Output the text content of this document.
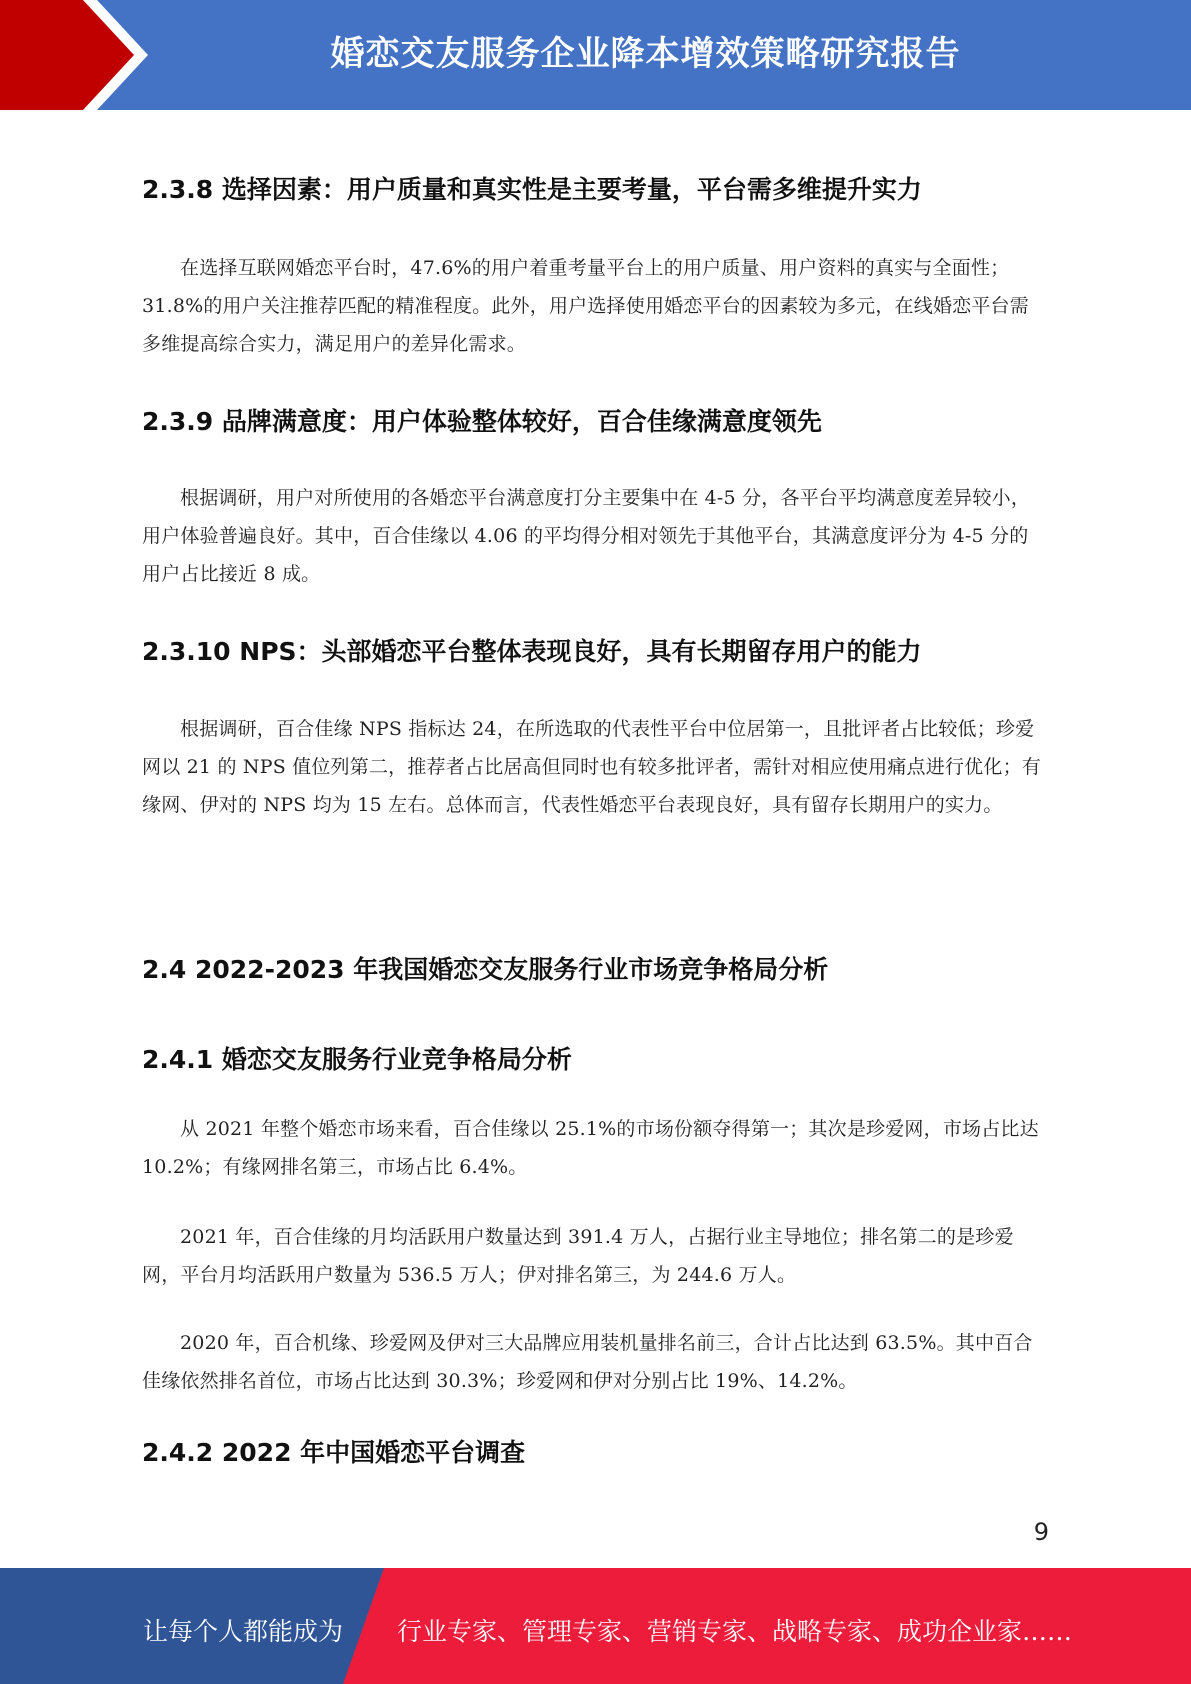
婚恋交友服务企业降本增效策略研究报告
2.3.8 选择因素：用户质量和真实性是主要考量，平台需多维提升实力

在选择互联网婚恋平台时，47.6%的用户着重考量平台上的用户质量、用户资料的真实与全面性；31.8%的用户关注推荐匹配的精准程度。此外，用户选择使用婚恋平台的因素较为多元，在线婚恋平台需多维提高综合实力，满足用户的差异化需求。

2.3.9 品牌满意度：用户体验整体较好，百合佳缘满意度领先

根据调研，用户对所使用的各婚恋平台满意度打分主要集中在 4-5 分，各平台平均满意度差异较小，用户体验普遍良好。其中，百合佳缘以 4.06 的平均得分相对领先于其他平台，其满意度评分为 4-5 分的用户占比接近 8 成。

2.3.10 NPS：头部婚恋平台整体表现良好，具有长期留存用户的能力

根据调研，百合佳缘 NPS 指标达 24，在所选取的代表性平台中位居第一，且批评者占比较低；珍爱网以 21 的 NPS 值位列第二，推荐者占比居高但同时也有较多批评者，需针对相应使用痛点进行优化；有缘网、伊对的 NPS 均为 15 左右。总体而言，代表性婚恋平台表现良好，具有留存长期用户的实力。

2.4 2022-2023 年我国婚恋交友服务行业市场竞争格局分析
2.4.1 婚恋交友服务行业竞争格局分析

从 2021 年整个婚恋市场来看，百合佳缘以 25.1%的市场份额夺得第一；其次是珍爱网，市场占比达 10.2%；有缘网排名第三，市场占比 6.4%。

2021 年，百合佳缘的月均活跃用户数量达到 391.4 万人，占据行业主导地位；排名第二的是珍爱网，平台月均活跃用户数量为 536.5 万人；伊对排名第三，为 244.6 万人。

2020 年，百合机缘、珍爱网及伊对三大品牌应用装机量排名前三，合计占比达到 63.5%。其中百合佳缘依然排名首位，市场占比达到 30.3%；珍爱网和伊对分别占比 19%、14.2%。

2.4.2 2022 年中国婚恋平台调查
9
让每个人都能成为 行业专家、管理专家、营销专家、战略专家、成功企业家……
